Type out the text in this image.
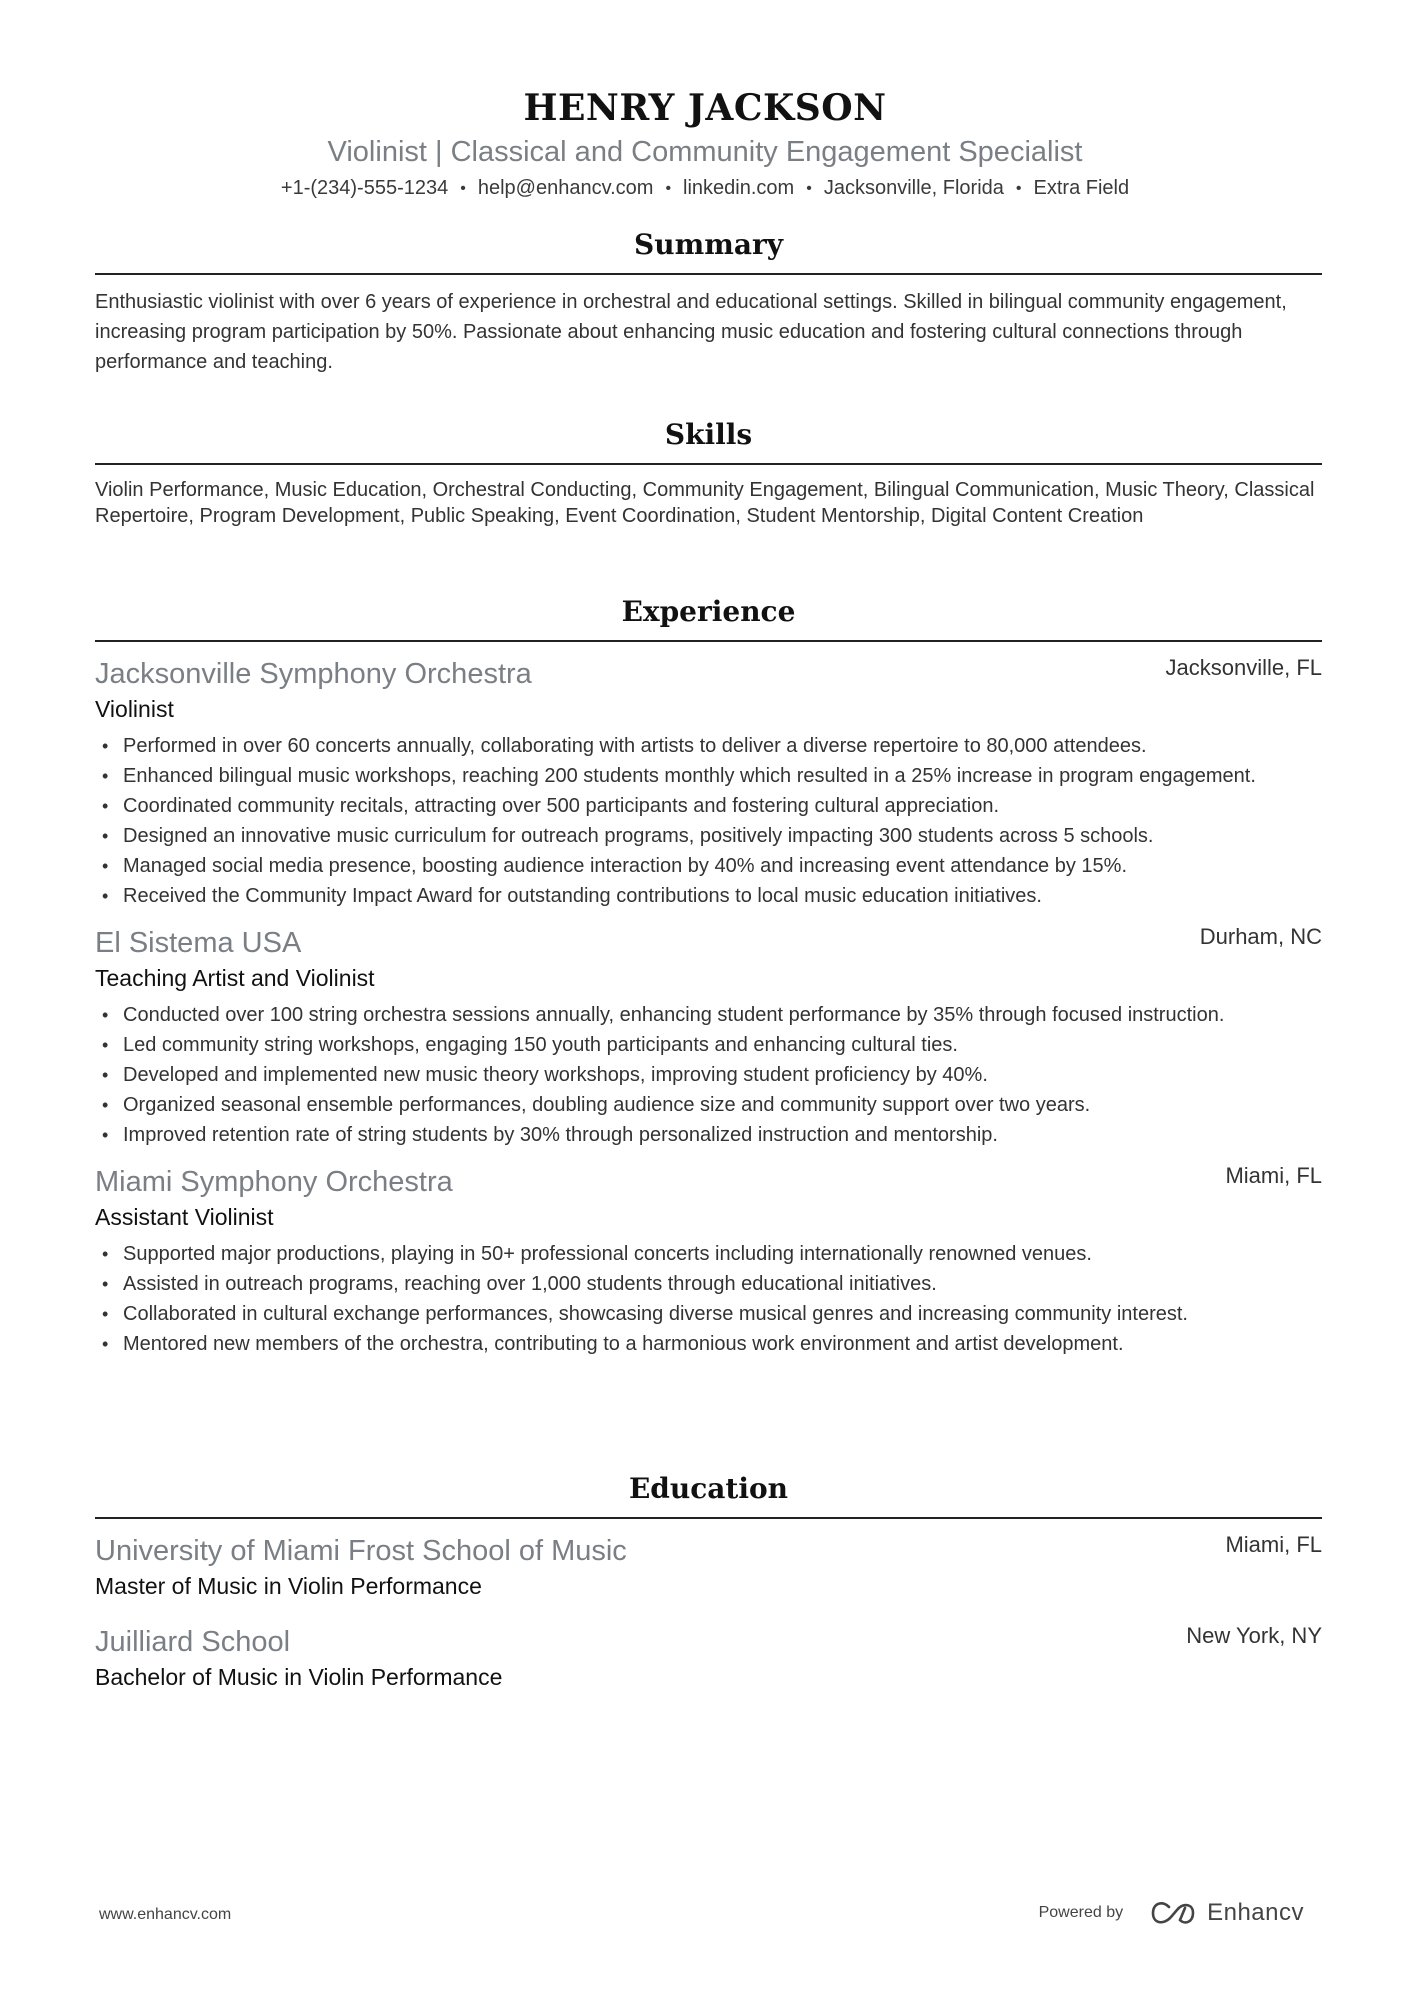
HENRY JACKSON
Violinist | Classical and Community Engagement Specialist
+1-(234)-555-1234 • help@enhancv.com • linkedin.com • Jacksonville, Florida • Extra Field
Summary
Enthusiastic violinist with over 6 years of experience in orchestral and educational settings. Skilled in bilingual community engagement, increasing program participation by 50%. Passionate about enhancing music education and fostering cultural connections through performance and teaching.
Skills
Violin Performance, Music Education, Orchestral Conducting, Community Engagement, Bilingual Communication, Music Theory, Classical Repertoire, Program Development, Public Speaking, Event Coordination, Student Mentorship, Digital Content Creation
Experience
Jacksonville Symphony Orchestra	Jacksonville, FL
Violinist
• Performed in over 60 concerts annually, collaborating with artists to deliver a diverse repertoire to 80,000 attendees.
• Enhanced bilingual music workshops, reaching 200 students monthly which resulted in a 25% increase in program engagement.
• Coordinated community recitals, attracting over 500 participants and fostering cultural appreciation.
• Designed an innovative music curriculum for outreach programs, positively impacting 300 students across 5 schools.
• Managed social media presence, boosting audience interaction by 40% and increasing event attendance by 15%.
• Received the Community Impact Award for outstanding contributions to local music education initiatives.
El Sistema USA	Durham, NC
Teaching Artist and Violinist
• Conducted over 100 string orchestra sessions annually, enhancing student performance by 35% through focused instruction.
• Led community string workshops, engaging 150 youth participants and enhancing cultural ties.
• Developed and implemented new music theory workshops, improving student proficiency by 40%.
• Organized seasonal ensemble performances, doubling audience size and community support over two years.
• Improved retention rate of string students by 30% through personalized instruction and mentorship.
Miami Symphony Orchestra	Miami, FL
Assistant Violinist
• Supported major productions, playing in 50+ professional concerts including internationally renowned venues.
• Assisted in outreach programs, reaching over 1,000 students through educational initiatives.
• Collaborated in cultural exchange performances, showcasing diverse musical genres and increasing community interest.
• Mentored new members of the orchestra, contributing to a harmonious work environment and artist development.
Education
University of Miami Frost School of Music	Miami, FL
Master of Music in Violin Performance
Juilliard School	New York, NY
Bachelor of Music in Violin Performance
www.enhancv.com	Powered by	Enhancv
